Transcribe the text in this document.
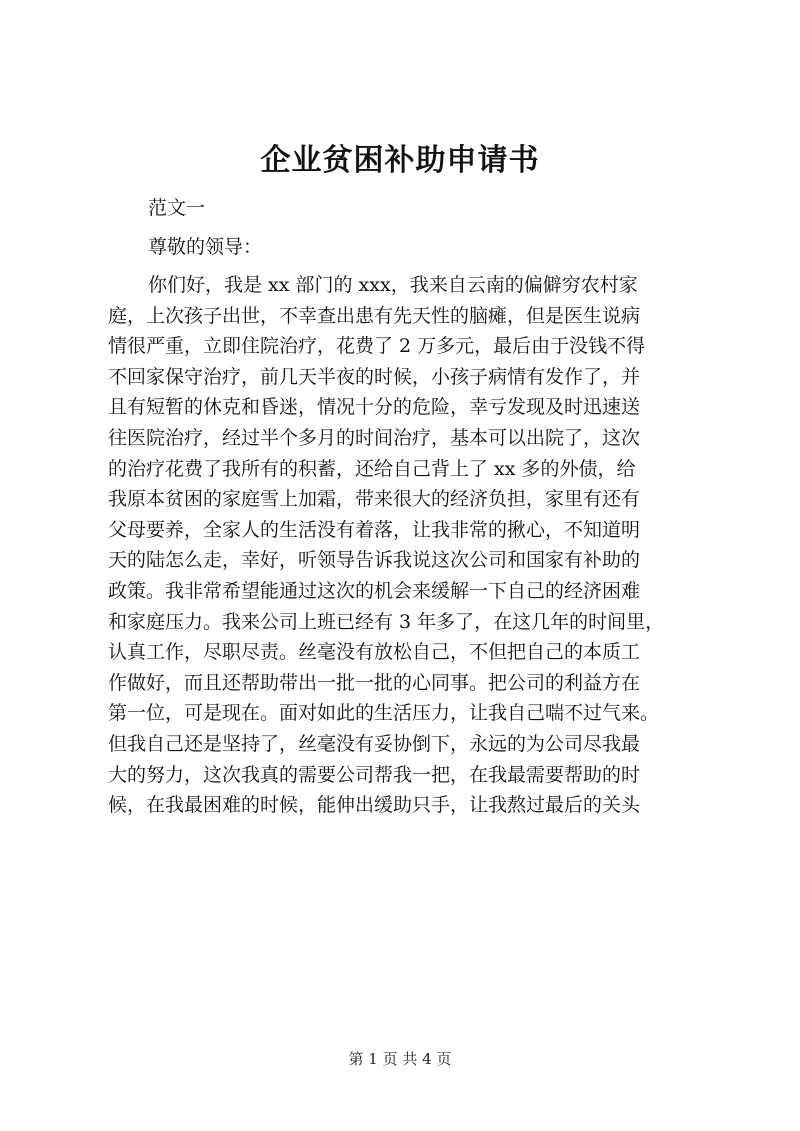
企业贫困补助申请书
范文一
尊敬的领导：
你们好，我是 xx 部门的 xxx，我来自云南的偏僻穷农村家
庭，上次孩子出世，不幸查出患有先天性的脑瘫，但是医生说病
情很严重，立即住院治疗，花费了 2 万多元，最后由于没钱不得
不回家保守治疗，前几天半夜的时候，小孩子病情有发作了，并
且有短暂的休克和昏迷，情况十分的危险，幸亏发现及时迅速送
往医院治疗，经过半个多月的时间治疗，基本可以出院了，这次
的治疗花费了我所有的积蓄，还给自己背上了 xx 多的外债，给
我原本贫困的家庭雪上加霜，带来很大的经济负担，家里有还有
父母要养，全家人的生活没有着落，让我非常的揪心，不知道明
天的陆怎么走，幸好，听领导告诉我说这次公司和国家有补助的
政策。我非常希望能通过这次的机会来缓解一下自己的经济困难
和家庭压力。我来公司上班已经有 3 年多了，在这几年的时间里，
认真工作，尽职尽责。丝毫没有放松自己，不但把自己的本质工
作做好，而且还帮助带出一批一批的心同事。把公司的利益方在
第一位，可是现在。面对如此的生活压力，让我自己喘不过气来。
但我自己还是坚持了，丝毫没有妥协倒下，永远的为公司尽我最
大的努力，这次我真的需要公司帮我一把，在我最需要帮助的时
候，在我最困难的时候，能伸出缓助只手，让我熬过最后的关头
第 1 页 共 4 页
